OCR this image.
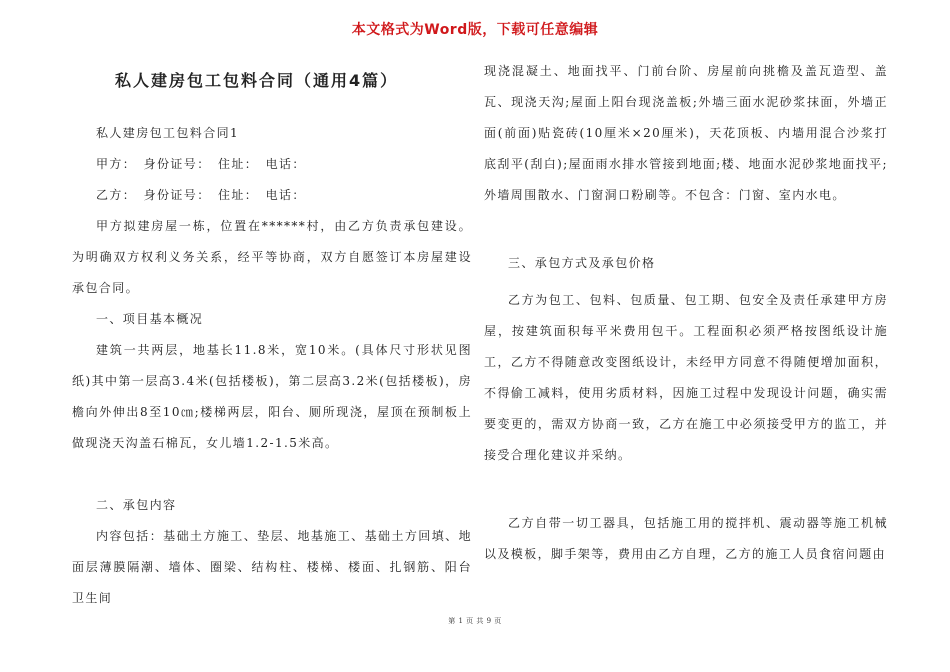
本文格式为Word版，下载可任意编辑
私人建房包工包料合同（通用4篇）

私人建房包工包料合同1

甲方：　身份证号：　住址：　电话：

乙方：　身份证号：　住址：　电话：

甲方拟建房屋一栋，位置在******村，由乙方负责承包建设。为明确双方权利义务关系，经平等协商，双方自愿签订本房屋建设承包合同。

一、项目基本概况

建筑一共两层，地基长11.8米，宽10米。(具体尺寸形状见图纸)其中第一层高3.4米(包括楼板)，第二层高3.2米(包括楼板)，房檐向外伸出8至10㎝;楼梯两层，阳台、厕所现浇，屋顶在预制板上做现浇天沟盖石棉瓦，女儿墙1.2-1.5米高。

二、承包内容

内容包括：基础土方施工、垫层、地基施工、基础土方回填、地面层薄膜隔潮、墙体、圈梁、结构柱、楼梯、楼面、扎钢筋、阳台卫生间

现浇混凝土、地面找平、门前台阶、房屋前向挑檐及盖瓦造型、盖瓦、现浇天沟;屋面上阳台现浇盖板;外墙三面水泥砂浆抹面，外墙正面(前面)贴瓷砖(10厘米×20厘米)，天花顶板、内墙用混合沙浆打底刮平(刮白);屋面雨水排水管接到地面;楼、地面水泥砂浆地面找平;外墙周围散水、门窗洞口粉刷等。不包含：门窗、室内水电。

三、承包方式及承包价格

乙方为包工、包料、包质量、包工期、包安全及责任承建甲方房屋，按建筑面积每平米费用包干。工程面积必须严格按图纸设计施工，乙方不得随意改变图纸设计，未经甲方同意不得随便增加面积，不得偷工减料，使用劣质材料，因施工过程中发现设计问题，确实需要变更的，需双方协商一致，乙方在施工中必须接受甲方的监工，并接受合理化建议并采纳。

乙方自带一切工器具，包括施工用的搅拌机、震动器等施工机械以及模板，脚手架等，费用由乙方自理，乙方的施工人员食宿问题由

第 1 页 共 9 页
